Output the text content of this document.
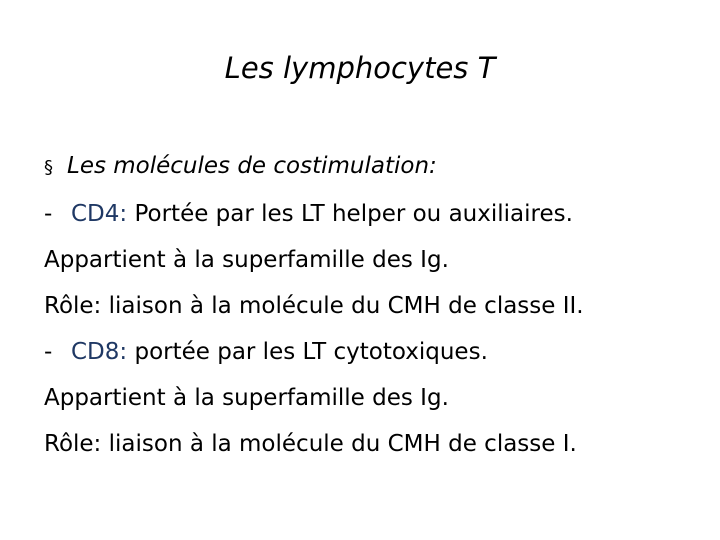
Les lymphocytes T
§ Les molécules de costimulation:
- CD4: Portée par les LT helper ou auxiliaires.
Appartient à la superfamille des Ig.
Rôle: liaison à la molécule du CMH de classe II.
- CD8: portée par les LT cytotoxiques.
Appartient à la superfamille des Ig.
Rôle: liaison à la molécule du CMH de classe I.
